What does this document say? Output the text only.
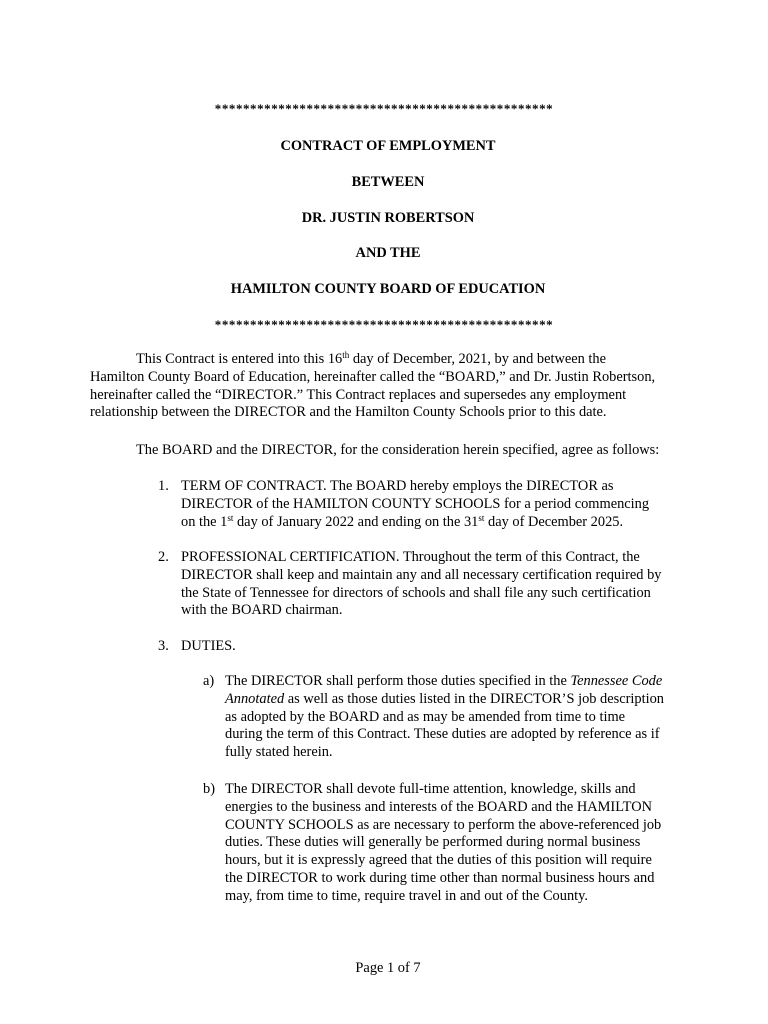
************************************************
CONTRACT OF EMPLOYMENT
BETWEEN
DR. JUSTIN ROBERTSON
AND THE
HAMILTON COUNTY BOARD OF EDUCATION
************************************************
This Contract is entered into this 16th day of December, 2021, by and between the
Hamilton County Board of Education, hereinafter called the “BOARD,” and Dr. Justin Robertson,
hereinafter called the “DIRECTOR.” This Contract replaces and supersedes any employment
relationship between the DIRECTOR and the Hamilton County Schools prior to this date.
The BOARD and the DIRECTOR, for the consideration herein specified, agree as follows:
1. TERM OF CONTRACT. The BOARD hereby employs the DIRECTOR as
DIRECTOR of the HAMILTON COUNTY SCHOOLS for a period commencing
on the 1st day of January 2022 and ending on the 31st day of December 2025.
2. PROFESSIONAL CERTIFICATION. Throughout the term of this Contract, the
DIRECTOR shall keep and maintain any and all necessary certification required by
the State of Tennessee for directors of schools and shall file any such certification
with the BOARD chairman.
3. DUTIES.
a) The DIRECTOR shall perform those duties specified in the Tennessee Code
Annotated as well as those duties listed in the DIRECTOR’S job description
as adopted by the BOARD and as may be amended from time to time
during the term of this Contract. These duties are adopted by reference as if
fully stated herein.
b) The DIRECTOR shall devote full-time attention, knowledge, skills and
energies to the business and interests of the BOARD and the HAMILTON
COUNTY SCHOOLS as are necessary to perform the above-referenced job
duties. These duties will generally be performed during normal business
hours, but it is expressly agreed that the duties of this position will require
the DIRECTOR to work during time other than normal business hours and
may, from time to time, require travel in and out of the County.
Page 1 of 7
